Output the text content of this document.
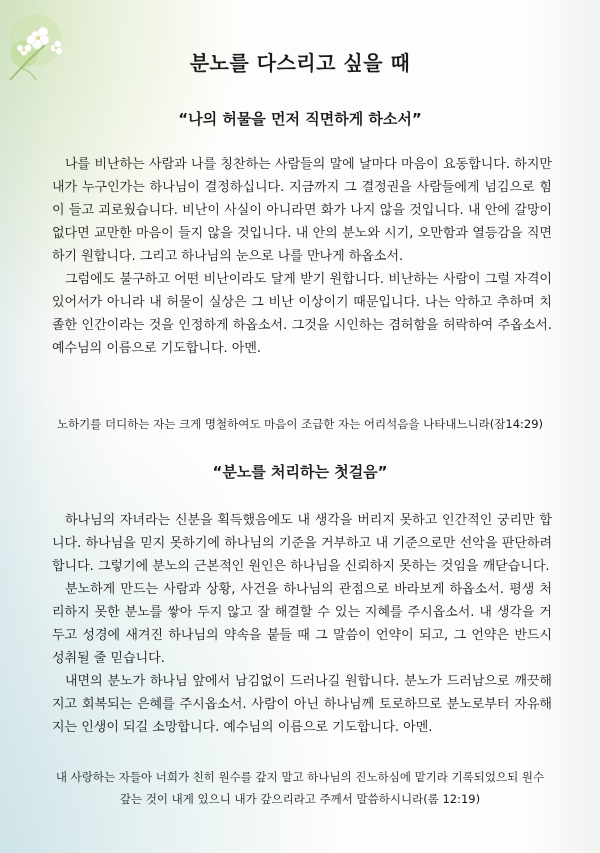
분노를 다스리고 싶을 때
“나의 허물을 먼저 직면하게 하소서”

나를 비난하는 사람과 나를 칭찬하는 사람들의 말에 날마다 마음이 요동합니다. 하지만 내가 누구인가는 하나님이 결정하십니다. 지금까지 그 결정권을 사람들에게 넘김으로 힘이 들고 괴로웠습니다. 비난이 사실이 아니라면 화가 나지 않을 것입니다. 내 안에 갈망이 없다면 교만한 마음이 들지 않을 것입니다. 내 안의 분노와 시기, 오만함과 열등감을 직면하기 원합니다. 그리고 하나님의 눈으로 나를 만나게 하옵소서.

그럼에도 불구하고 어떤 비난이라도 달게 받기 원합니다. 비난하는 사람이 그럴 자격이 있어서가 아니라 내 허물이 실상은 그 비난 이상이기 때문입니다. 나는 악하고 추하며 치졸한 인간이라는 것을 인정하게 하옵소서. 그것을 시인하는 겸허함을 허락하여 주옵소서. 예수님의 이름으로 기도합니다. 아멘.

노하기를 더디하는 자는 크게 명철하여도 마음이 조급한 자는 어리석음을 나타내느니라(잠14:29)
“분노를 처리하는 첫걸음”

하나님의 자녀라는 신분을 획득했음에도 내 생각을 버리지 못하고 인간적인 궁리만 합니다. 하나님을 믿지 못하기에 하나님의 기준을 거부하고 내 기준으로만 선악을 판단하려 합니다. 그렇기에 분노의 근본적인 원인은 하나님을 신뢰하지 못하는 것임을 깨닫습니다.

분노하게 만드는 사람과 상황, 사건을 하나님의 관점으로 바라보게 하옵소서. 평생 처리하지 못한 분노를 쌓아 두지 않고 잘 해결할 수 있는 지혜를 주시옵소서. 내 생각을 거두고 성경에 새겨진 하나님의 약속을 붙들 때 그 말씀이 언약이 되고, 그 언약은 반드시 성취될 줄 믿습니다.

내면의 분노가 하나님 앞에서 남김없이 드러나길 원합니다. 분노가 드러남으로 깨끗해지고 회복되는 은혜를 주시옵소서. 사람이 아닌 하나님께 토로하므로 분노로부터 자유해지는 인생이 되길 소망합니다. 예수님의 이름으로 기도합니다. 아멘.

내 사랑하는 자들아 너희가 친히 원수를 갚지 말고 하나님의 진노하심에 맡기라 기록되었으되 원수 갚는 것이 내게 있으니 내가 갚으리라고 주께서 말씀하시니라(롬 12:19)
